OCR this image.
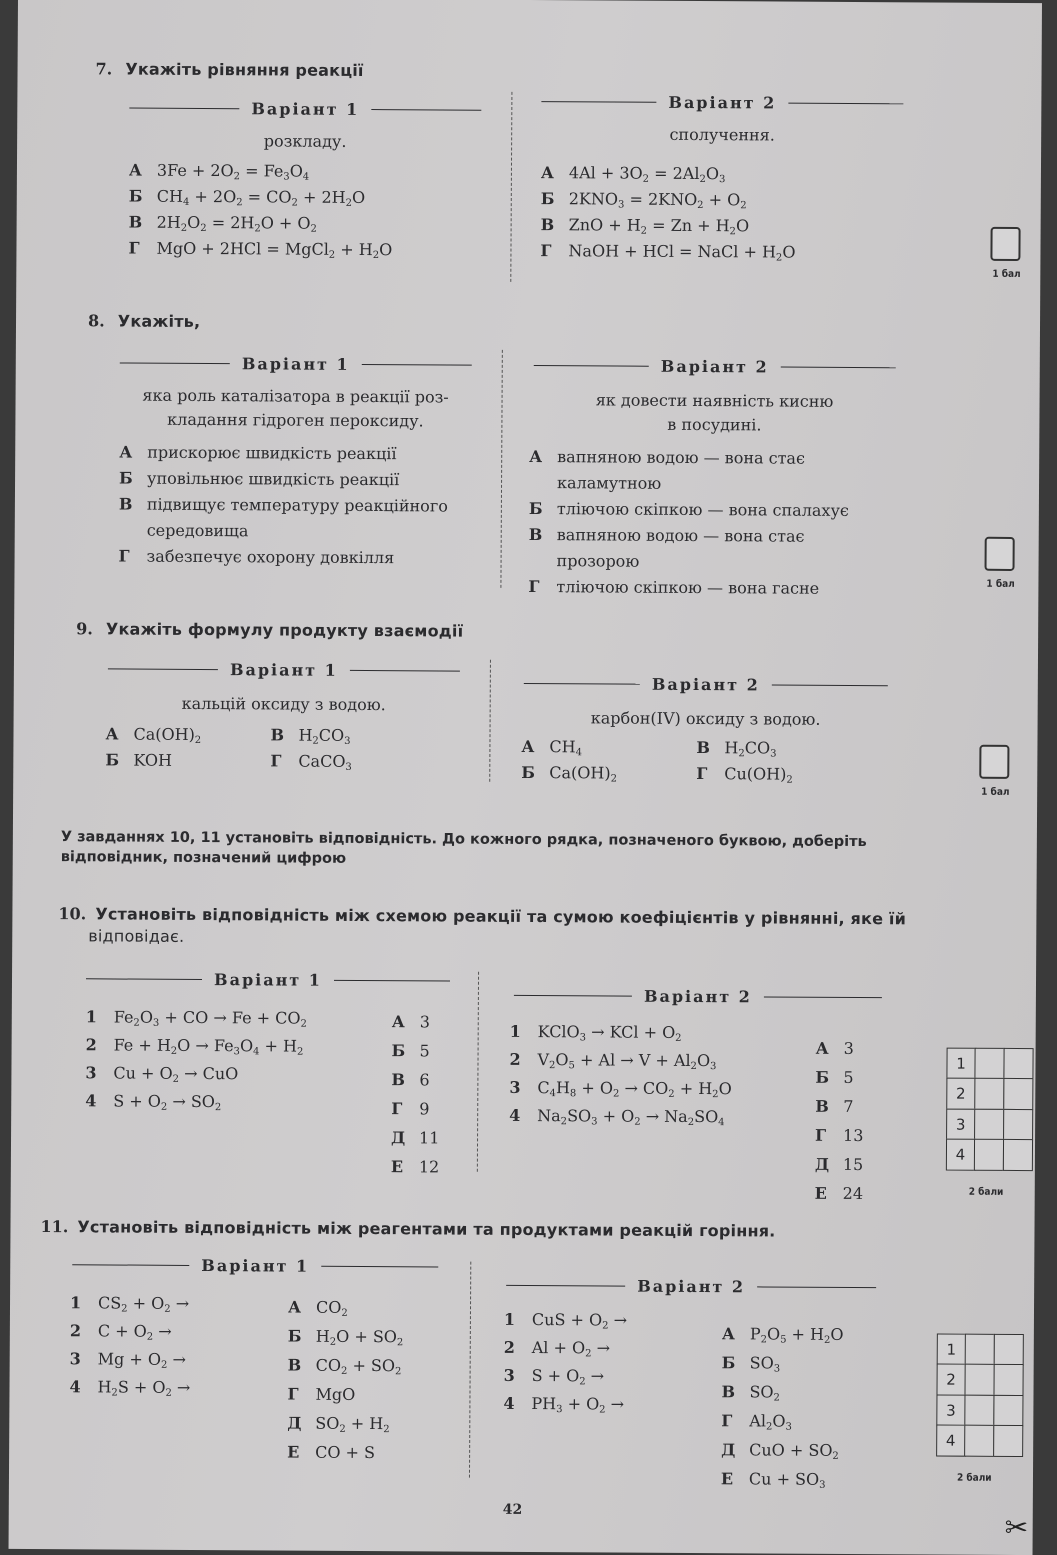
7. Укажіть рівняння реакції
Варіант 1
розкладу.
А $3Fe + 2O_2 = Fe_3O_4$
Б $CH_4 + 2O_2 = CO_2 + 2H_2O$
В $2H_2O_2 = 2H_2O + O_2$
Г MgO + 2HCl = MgCl$_2$ + $H_2O$
Варіант 2
сполучення.
А $4Al + 3O_2 = 2Al_2O_3$
Б $2KNO_3 = 2KNO_2 + O_2$
В ZnO + $H_2 = Zn + H_2O$
Г NaOH + HCl = NaCl + $H_2O$
1 бал
8. Укажіть,
Варіант 1
яка роль каталізатора в реакції роз-
кладання гідроген пероксиду.
А прискорює швидкість реакції
Б уповільнює швидкість реакції
В підвищує температуру реакційного
середовища
Г забезпечує охорону довкілля
Варіант 2
як довести наявність кисню
в посудині.
А вапняною водою — вона стає
каламутною
Б тліючою скіпкою — вона спалахує
В вапняною водою — вона стає
прозорою
Г тліючою скіпкою — вона гасне	1 бал
9. Укажіть формулу продукту взаємодії
Варіант 1
кальцій оксиду з водою.
А $Ca(OH)_2$	В $H_2CO_3$
Б KOH	Г CaCO$_3$
Варіант 2
карбон(IV) оксиду з водою.
А $CH_4$	В $H_2CO_3$
Б $Ca(OH)_2$	Г $Cu(OH)_2$
1 бал
У завданнях 10, 11 установіть відповідність. До кожного рядка, позначеного буквою, доберіть
відповідник, позначений цифрою
10. Установіть відповідність між схемою реакції та сумою коефіцієнтів у рівнянні, яке їй
відповідає.
Варіант 1
1 $Fe_2O_3$ + CO → $Fe + CO_2$
2 $Fe + H_2O \to Fe_3O_4 + H_2$
3 $Cu + O_2$ → CuO
4 $S + O_2 \to SO_2$
А 3
Б 5
В 6
Г 9
Д 11
Е 12
Варіант 2
1 KClO$_3$ → KCl + $O_2$
2 $V_2O_5 + Al \to V + Al_2O_3$
3 $C_4H_8 + O_2 \to CO_2 + H_2O$
4 $Na_2SO_3 + O_2 \to Na_2SO_4$
А 3
Б 5
В 7
Г 13
Д 15
Е 24
1
2
3
4
2 бали
11. Установіть відповідність між реагентами та продуктами реакцій горіння.
Варіант 1
1 $CS_2 + O_2$ →
2 $C + O_2$ →
3 $Mg + O_2$ →
4 $H_2S + O_2$ →
А $CO_2$
Б $H_2O + SO_2$
В $CO_2 + SO_2$
Г MgO
Д $SO_2 + H_2$
Е CO + S
Варіант 2
1 CuS + $O_2$ →
2 $Al + O_2$ →
3 $S + O_2$ →
4 $PH_3 + O_2$ →
А $P_2O_5 + H_2O$
Б $SO_3$
В $SO_2$
Г $Al_2O_3$
Д CuO + $SO_2$
Е $Cu + SO_3$
1
2
3
4
2 бали
42
✂
